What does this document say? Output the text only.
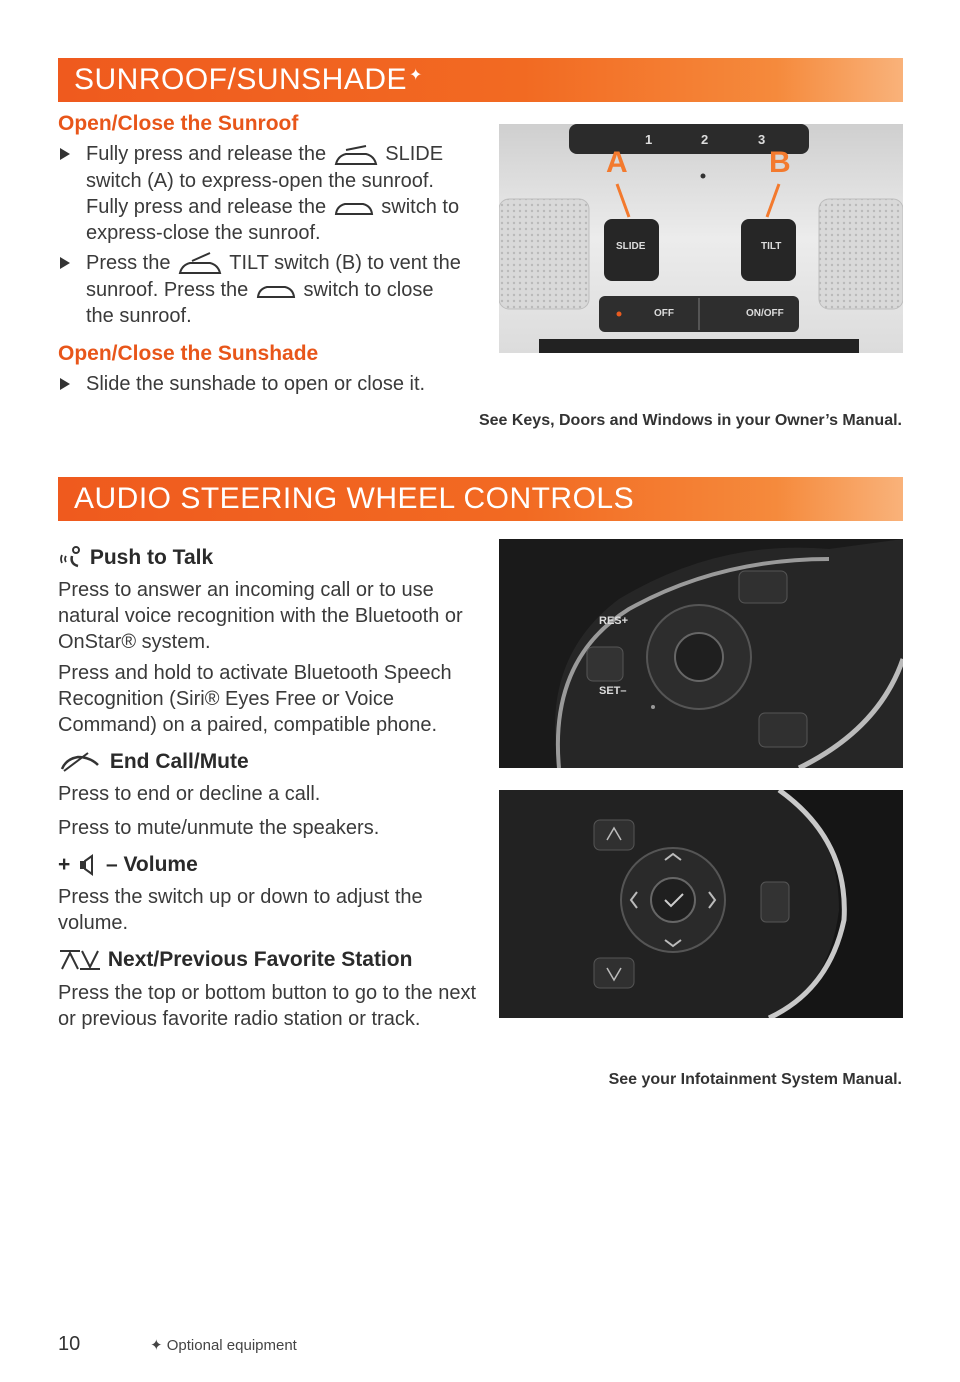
SUNROOF/SUNSHADE ✦
Open/Close the Sunroof
Fully press and release the	SLIDE
switch (A) to express-open the sunroof.
Fully press and release the	switch to
express-close the sunroof.
Press the	TILT switch (B) to vent the
sunroof. Press the	switch to close
the sunroof.
Open/Close the Sunshade
Slide the sunshade to open or close it.
1	2	3
A	B
SLIDE	TILT
OFF	ON/OFF
See Keys, Doors and Windows in your Owner’s Manual.
AUDIO STEERING WHEEL CONTROLS
Push to Talk
Press to answer an incoming call or to use natural voice recognition with the Bluetooth or OnStar® system.
Press and hold to activate Bluetooth Speech Recognition (Siri® Eyes Free or Voice Command) on a paired, compatible phone.
End Call/Mute
Press to end or decline a call.
Press to mute/unmute the speakers.
+ – Volume
Press the switch up or down to adjust the volume.
Next/Previous Favorite Station
Press the top or bottom button to go to the next or previous favorite radio station or track.
RES+
SET–
See your Infotainment System Manual.
10	✦ Optional equipment
